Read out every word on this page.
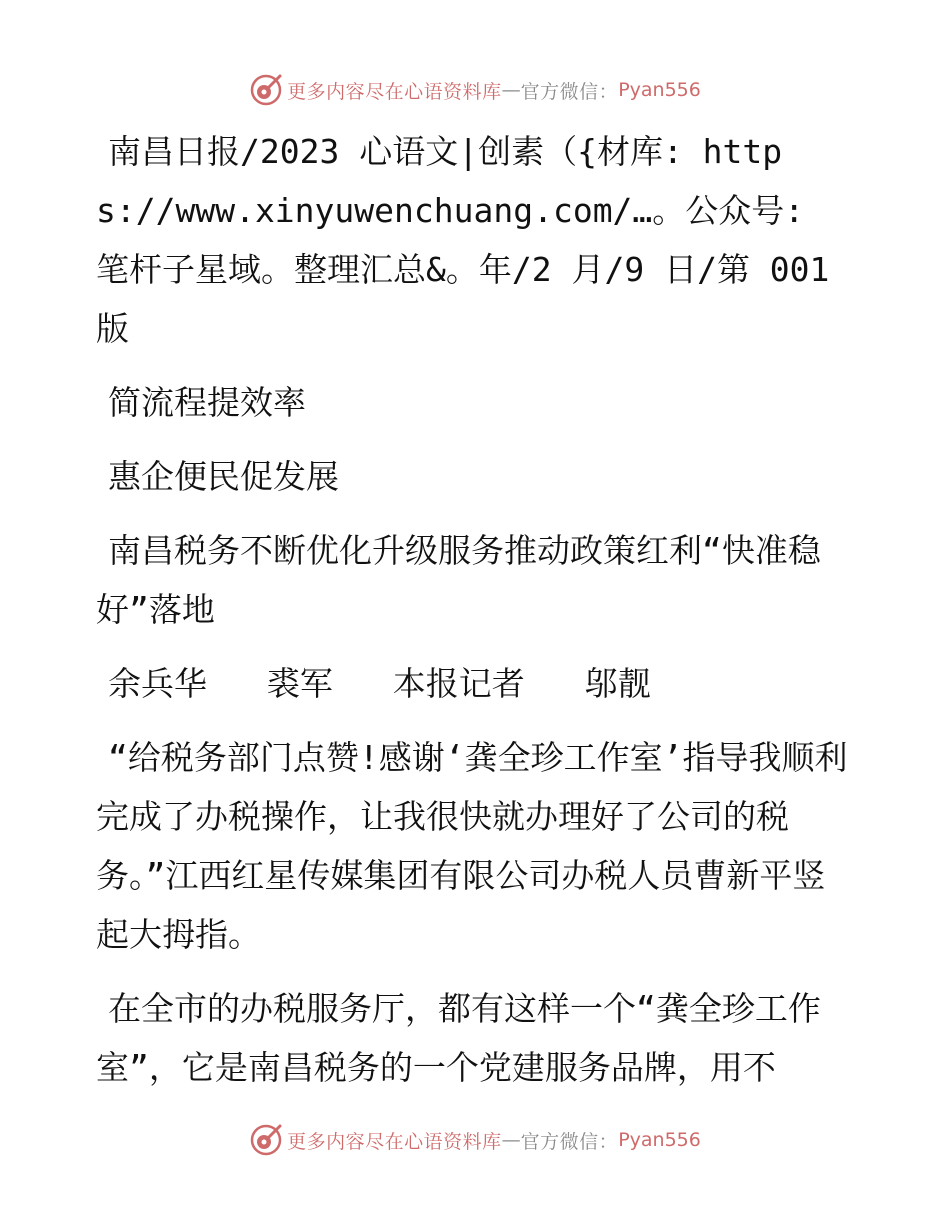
更多内容尽在心语资料库 — 官方微信： Pyan556

南昌日报/2023 心语文|创素（{材库: https://www.xinyuwenchuang.com/…。公众号: 笔杆子星域。整理汇总&。年/2 月/9 日/第 001 版

简流程提效率

惠企便民促发展

南昌税务不断优化升级服务推动政策红利“快准稳好”落地

余兵华 裘军 本报记者 邬靓

“给税务部门点赞!感谢‘龚全珍工作室’指导我顺利完成了办税操作，让我很快就办理好了公司的税务。”江西红星传媒集团有限公司办税人员曹新平竖起大拇指。

在全市的办税服务厅，都有这样一个“龚全珍工作室”，它是南昌税务的一个党建服务品牌，用不

更多内容尽在心语资料库 — 官方微信： Pyan556
